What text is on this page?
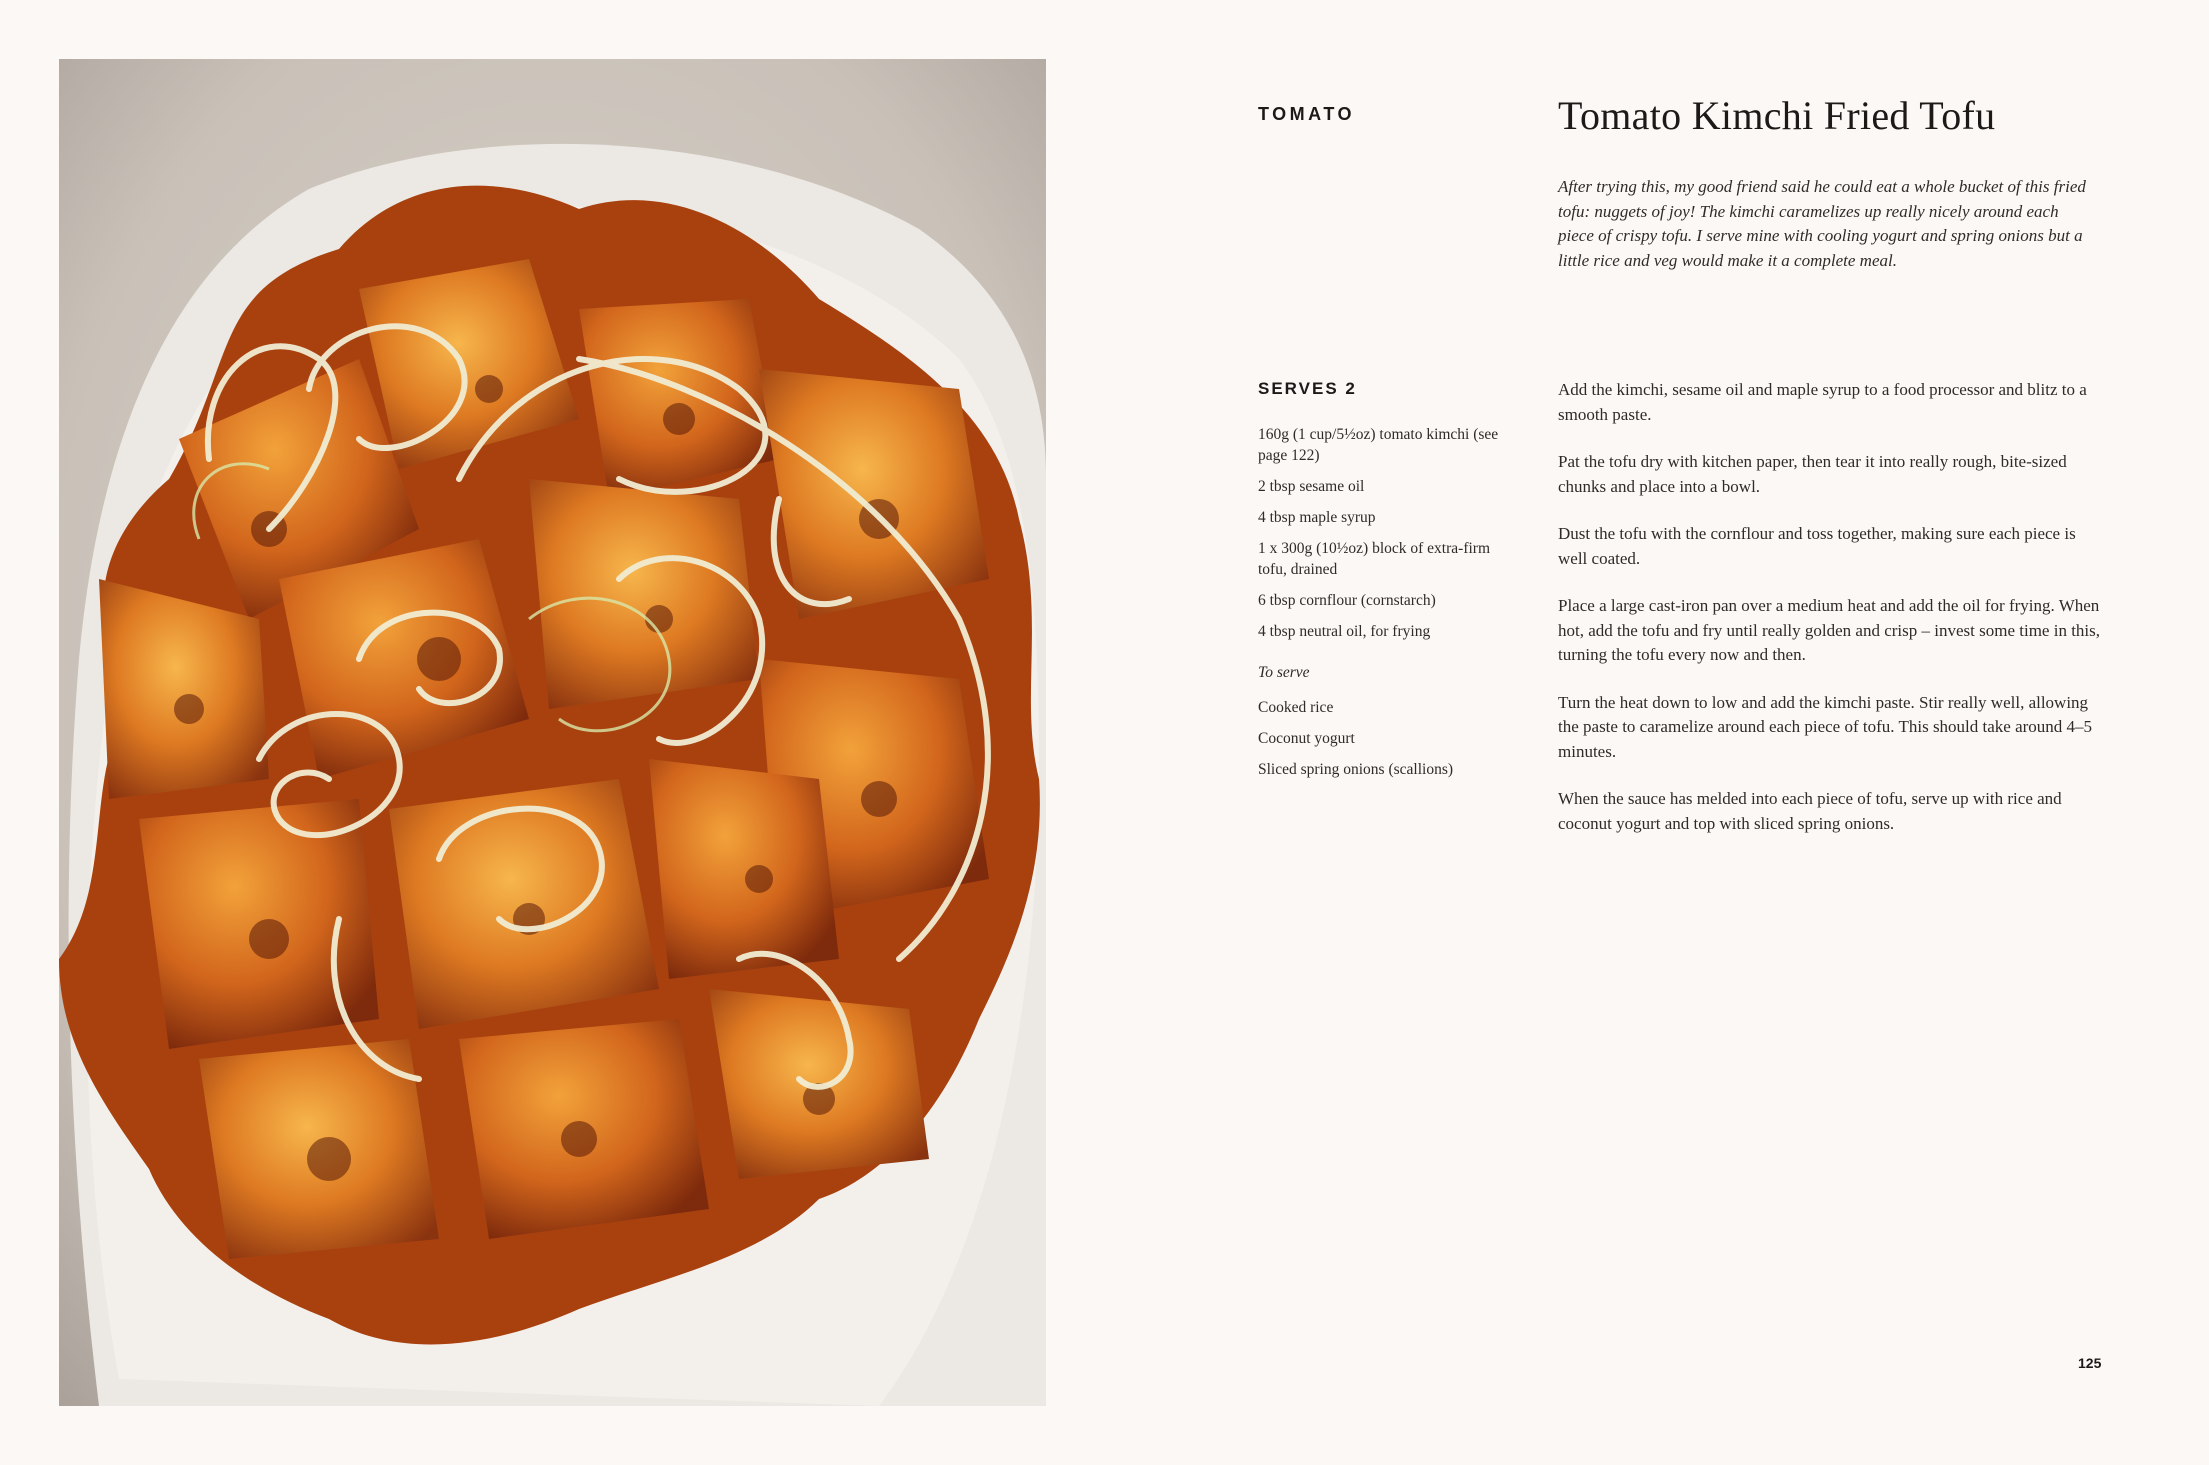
TOMATO	Tomato Kimchi Fried Tofu
After trying this, my good friend said he could eat a whole bucket of this fried tofu: nuggets of joy! The kimchi caramelizes up really nicely around each piece of crispy tofu. I serve mine with cooling yogurt and spring onions but a little rice and veg would make it a complete meal.
SERVES 2
160g (1 cup/5½oz) tomato kimchi (see page 122)
2 tbsp sesame oil
4 tbsp maple syrup
1 x 300g (10½oz) block of extra-firm tofu, drained
6 tbsp cornflour (cornstarch)
4 tbsp neutral oil, for frying
To serve
Cooked rice
Coconut yogurt
Sliced spring onions (scallions)

Add the kimchi, sesame oil and maple syrup to a food processor and blitz to a smooth paste.

Pat the tofu dry with kitchen paper, then tear it into really rough, bite-sized chunks and place into a bowl.

Dust the tofu with the cornflour and toss together, making sure each piece is well coated.

Place a large cast-iron pan over a medium heat and add the oil for frying. When hot, add the tofu and fry until really golden and crisp – invest some time in this, turning the tofu every now and then.

Turn the heat down to low and add the kimchi paste. Stir really well, allowing the paste to caramelize around each piece of tofu. This should take around 4–5 minutes.

When the sauce has melded into each piece of tofu, serve up with rice and coconut yogurt and top with sliced spring onions.

125
